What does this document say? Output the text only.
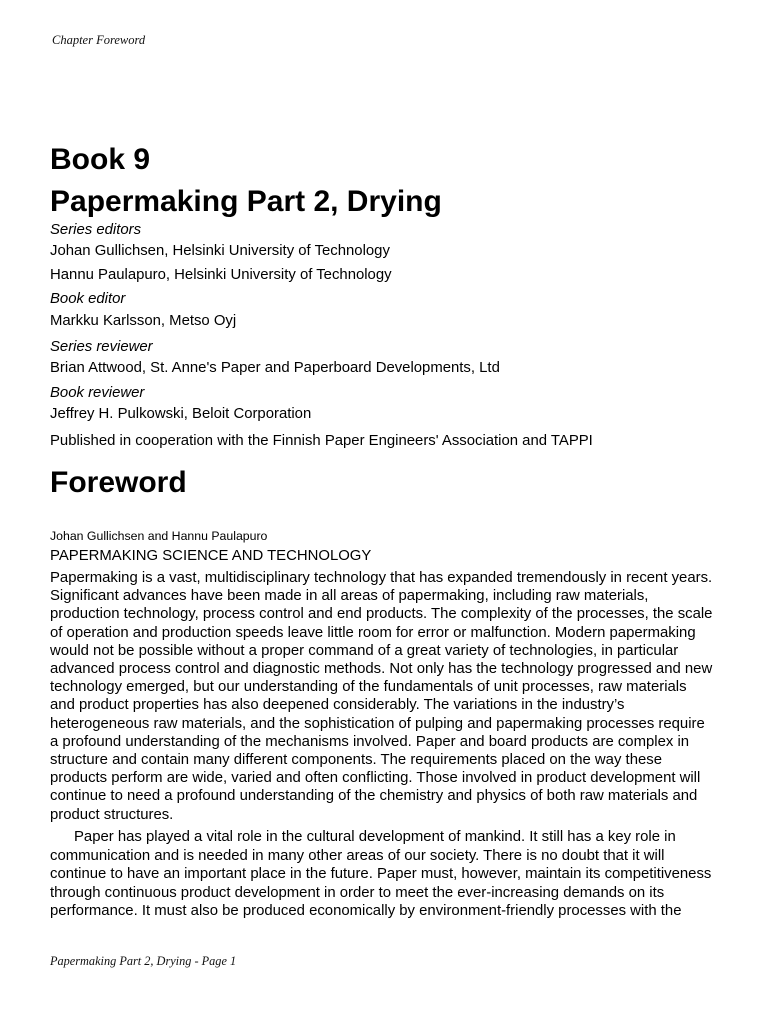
Chapter Foreword
Book 9
Papermaking Part 2, Drying
Series editors
Johan Gullichsen, Helsinki University of Technology
Hannu Paulapuro, Helsinki University of Technology
Book editor
Markku Karlsson, Metso Oyj
Series reviewer
Brian Attwood, St. Anne's Paper and Paperboard Developments, Ltd
Book reviewer
Jeffrey H. Pulkowski, Beloit Corporation
Published in cooperation with the Finnish Paper Engineers' Association and TAPPI
Foreword
Johan Gullichsen and Hannu Paulapuro
PAPERMAKING SCIENCE AND TECHNOLOGY
Papermaking is a vast, multidisciplinary technology that has expanded tremendously in recent years.
Significant advances have been made in all areas of papermaking, including raw materials,
production technology, process control and end products. The complexity of the processes, the scale
of operation and production speeds leave little room for error or malfunction. Modern papermaking
would not be possible without a proper command of a great variety of technologies, in particular
advanced process control and diagnostic methods. Not only has the technology progressed and new
technology emerged, but our understanding of the fundamentals of unit processes, raw materials
and product properties has also deepened considerably. The variations in the industry’s
heterogeneous raw materials, and the sophistication of pulping and papermaking processes require
a profound understanding of the mechanisms involved. Paper and board products are complex in
structure and contain many different components. The requirements placed on the way these
products perform are wide, varied and often conflicting. Those involved in product development will
continue to need a profound understanding of the chemistry and physics of both raw materials and
product structures.
Paper has played a vital role in the cultural development of mankind. It still has a key role in
communication and is needed in many other areas of our society. There is no doubt that it will
continue to have an important place in the future. Paper must, however, maintain its competitiveness
through continuous product development in order to meet the ever-increasing demands on its
performance. It must also be produced economically by environment-friendly processes with the
Papermaking Part 2, Drying - Page 1
